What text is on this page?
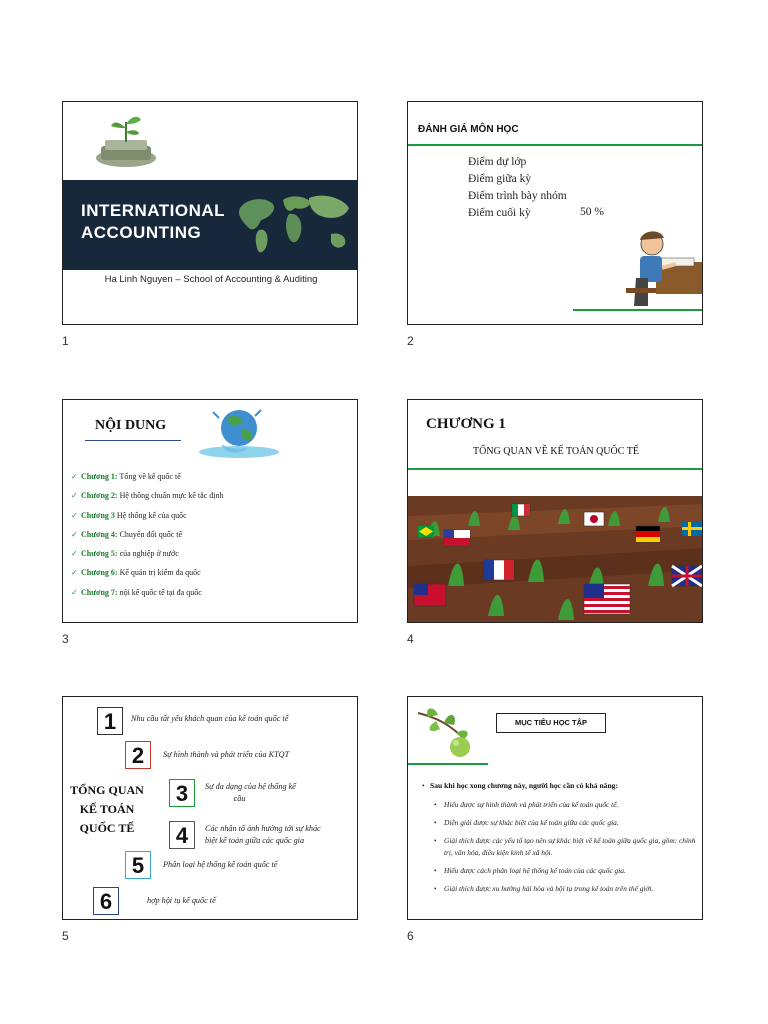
INTERNATIONAL
ACCOUNTING
Ha Linh Nguyen – School of Accounting & Auditing
1
ĐÁNH GIÁ MÔN HỌC
Điểm dự lớp
Điểm giữa kỳ
Điểm trình bày nhóm
Điểm cuối kỳ	50 %
2
NỘI DUNG
✓ Chương 1: Tổng về kế quốc tế
✓ Chương 2: Hệ thống chuẩn mực kế tắc định
✓ Chương 3 Hệ thống kế của quốc
✓ Chương 4: Chuyển đổi quốc tế
✓ Chương 5: của nghiệp ở nước
✓ Chương 6: Kế quản trị kiểm đa quốc
✓ Chương 7: nội kế quốc tế tại đa quốc
3
CHƯƠNG 1
TỔNG QUAN VỀ KẾ TOÁN QUỐC TẾ
4
TỔNG QUAN
KẾ TOÁN
QUỐC TẾ
1	Nhu cầu tất yếu khách quan của kế toán quốc tế
2	Sự hình thành và phát triển của KTQT
3	Sự đa dạng của hệ thống kế
cầu
4	Các nhân tố ảnh hưởng tới sự khác
biệt kế toán giữa các quốc gia
5	Phân loại hệ thống kế toán quốc tế
6	hợp hội tụ kế quốc tế
5
MỤC TIÊU HỌC TẬP
• Sau khi học xong chương này, người học cần có khả năng:
• Hiểu được sự hình thành và phát triển của kế toán quốc tế.
• Diễn giải được sự khác biệt của kế toán giữa các quốc gia.
• Giải thích được các yếu tố tạo nên sự khác biệt về kế toán giữa quốc gia, gồm: chính trị, văn hóa, điều kiện kinh tế xã hội.
• Hiểu được cách phân loại hệ thống kế toán của các quốc gia.
• Giải thích được xu hướng hài hòa và hội tụ trong kế toán trên thế giới.
6
